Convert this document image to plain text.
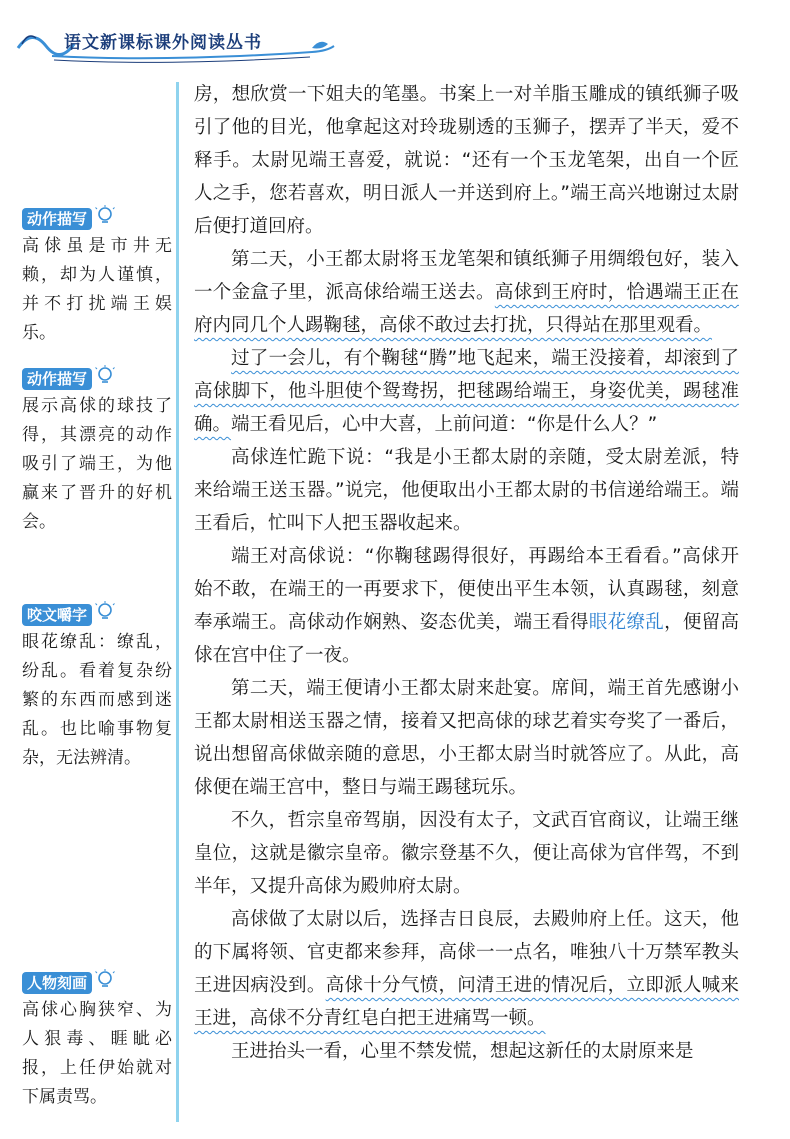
语文新课标课外阅读丛书
动作描写
高俅虽是市井无赖，却为人谨慎，并不打扰端王娱乐。
动作描写
展示高俅的球技了得，其漂亮的动作吸引了端王，为他赢来了晋升的好机会。
咬文嚼字
眼花缭乱：缭乱，纷乱。看着复杂纷繁的东西而感到迷乱。也比喻事物复杂，无法辨清。
人物刻画
高俅心胸狭窄、为人狠毒、睚眦必报，上任伊始就对下属责骂。

房，想欣赏一下姐夫的笔墨。书案上一对羊脂玉雕成的镇纸狮子吸引了他的目光，他拿起这对玲珑剔透的玉狮子，摆弄了半天，爱不释手。太尉见端王喜爱，就说：“还有一个玉龙笔架，出自一个匠人之手，您若喜欢，明日派人一并送到府上。”端王高兴地谢过太尉后便打道回府。

第二天，小王都太尉将玉龙笔架和镇纸狮子用绸缎包好，装入一个金盒子里，派高俅给端王送去。高俅到王府时，恰遇端王正在府内同几个人踢鞠毬，高俅不敢过去打扰，只得站在那里观看。

过了一会儿，有个鞠毬“腾”地飞起来，端王没接着，却滚到了高俅脚下，他斗胆使个鸳鸯拐，把毬踢给端王，身姿优美，踢毬准确。端王看见后，心中大喜，上前问道：“你是什么人？”

高俅连忙跪下说：“我是小王都太尉的亲随，受太尉差派，特来给端王送玉器。”说完，他便取出小王都太尉的书信递给端王。端王看后，忙叫下人把玉器收起来。

端王对高俅说：“你鞠毬踢得很好，再踢给本王看看。”高俅开始不敢，在端王的一再要求下，便使出平生本领，认真踢毬，刻意奉承端王。高俅动作娴熟、姿态优美，端王看得眼花缭乱，便留高俅在宫中住了一夜。

第二天，端王便请小王都太尉来赴宴。席间，端王首先感谢小王都太尉相送玉器之情，接着又把高俅的球艺着实夸奖了一番后，说出想留高俅做亲随的意思，小王都太尉当时就答应了。从此，高俅便在端王宫中，整日与端王踢毬玩乐。

不久，哲宗皇帝驾崩，因没有太子，文武百官商议，让端王继皇位，这就是徽宗皇帝。徽宗登基不久，便让高俅为官伴驾，不到半年，又提升高俅为殿帅府太尉。

高俅做了太尉以后，选择吉日良辰，去殿帅府上任。这天，他的下属将领、官吏都来参拜，高俅一一点名，唯独八十万禁军教头王进因病没到。高俅十分气愤，问清王进的情况后，立即派人喊来王进，高俅不分青红皂白把王进痛骂一顿。

王进抬头一看，心里不禁发慌，想起这新任的太尉原来是
